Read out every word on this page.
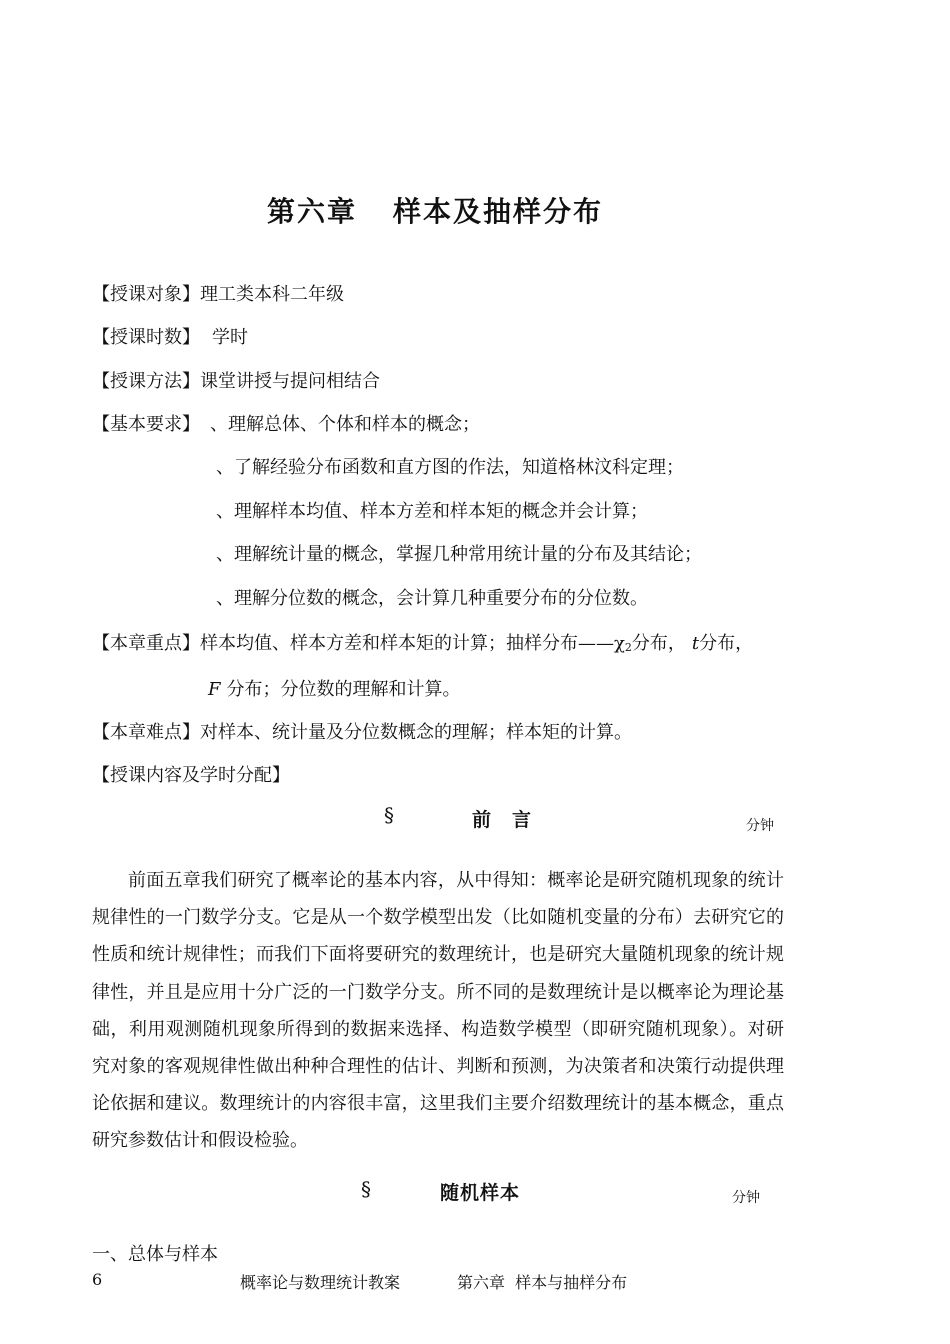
第六章 样本及抽样分布
【授课对象】理工类本科二年级
【授课时数】 学时
【授课方法】课堂讲授与提问相结合
【基本要求】 、理解总体、个体和样本的概念；
、了解经验分布函数和直方图的作法，知道格林汶科定理；
、理解样本均值、样本方差和样本矩的概念并会计算；
、理解统计量的概念，掌握几种常用统计量的分布及其结论；
、理解分位数的概念，会计算几种重要分布的分位数。
【本章重点】样本均值、样本方差和样本矩的计算；抽样分布$——\chi_2$分布， t分布，
F 分布；分位数的理解和计算。
【本章难点】对样本、统计量及分位数概念的理解；样本矩的计算。
【授课内容及学时分配】
§	前　言	分钟
前面五章我们研究了概率论的基本内容，从中得知：概率论是研究随机现象的统计规律性的一门数学分支。它是从一个数学模型出发（比如随机变量的分布）去研究它的性质和统计规律性；而我们下面将要研究的数理统计，也是研究大量随机现象的统计规律性，并且是应用十分广泛的一门数学分支。所不同的是数理统计是以概率论为理论基础，利用观测随机现象所得到的数据来选择、构造数学模型（即研究随机现象）。对研究对象的客观规律性做出种种合理性的估计、判断和预测，为决策者和决策行动提供理论依据和建议。数理统计的内容很丰富，这里我们主要介绍数理统计的基本概念，重点研究参数估计和假设检验。
§	随机样本	分钟
一、总体与样本
6	概率论与数理统计教案	第六章  样本与抽样分布
